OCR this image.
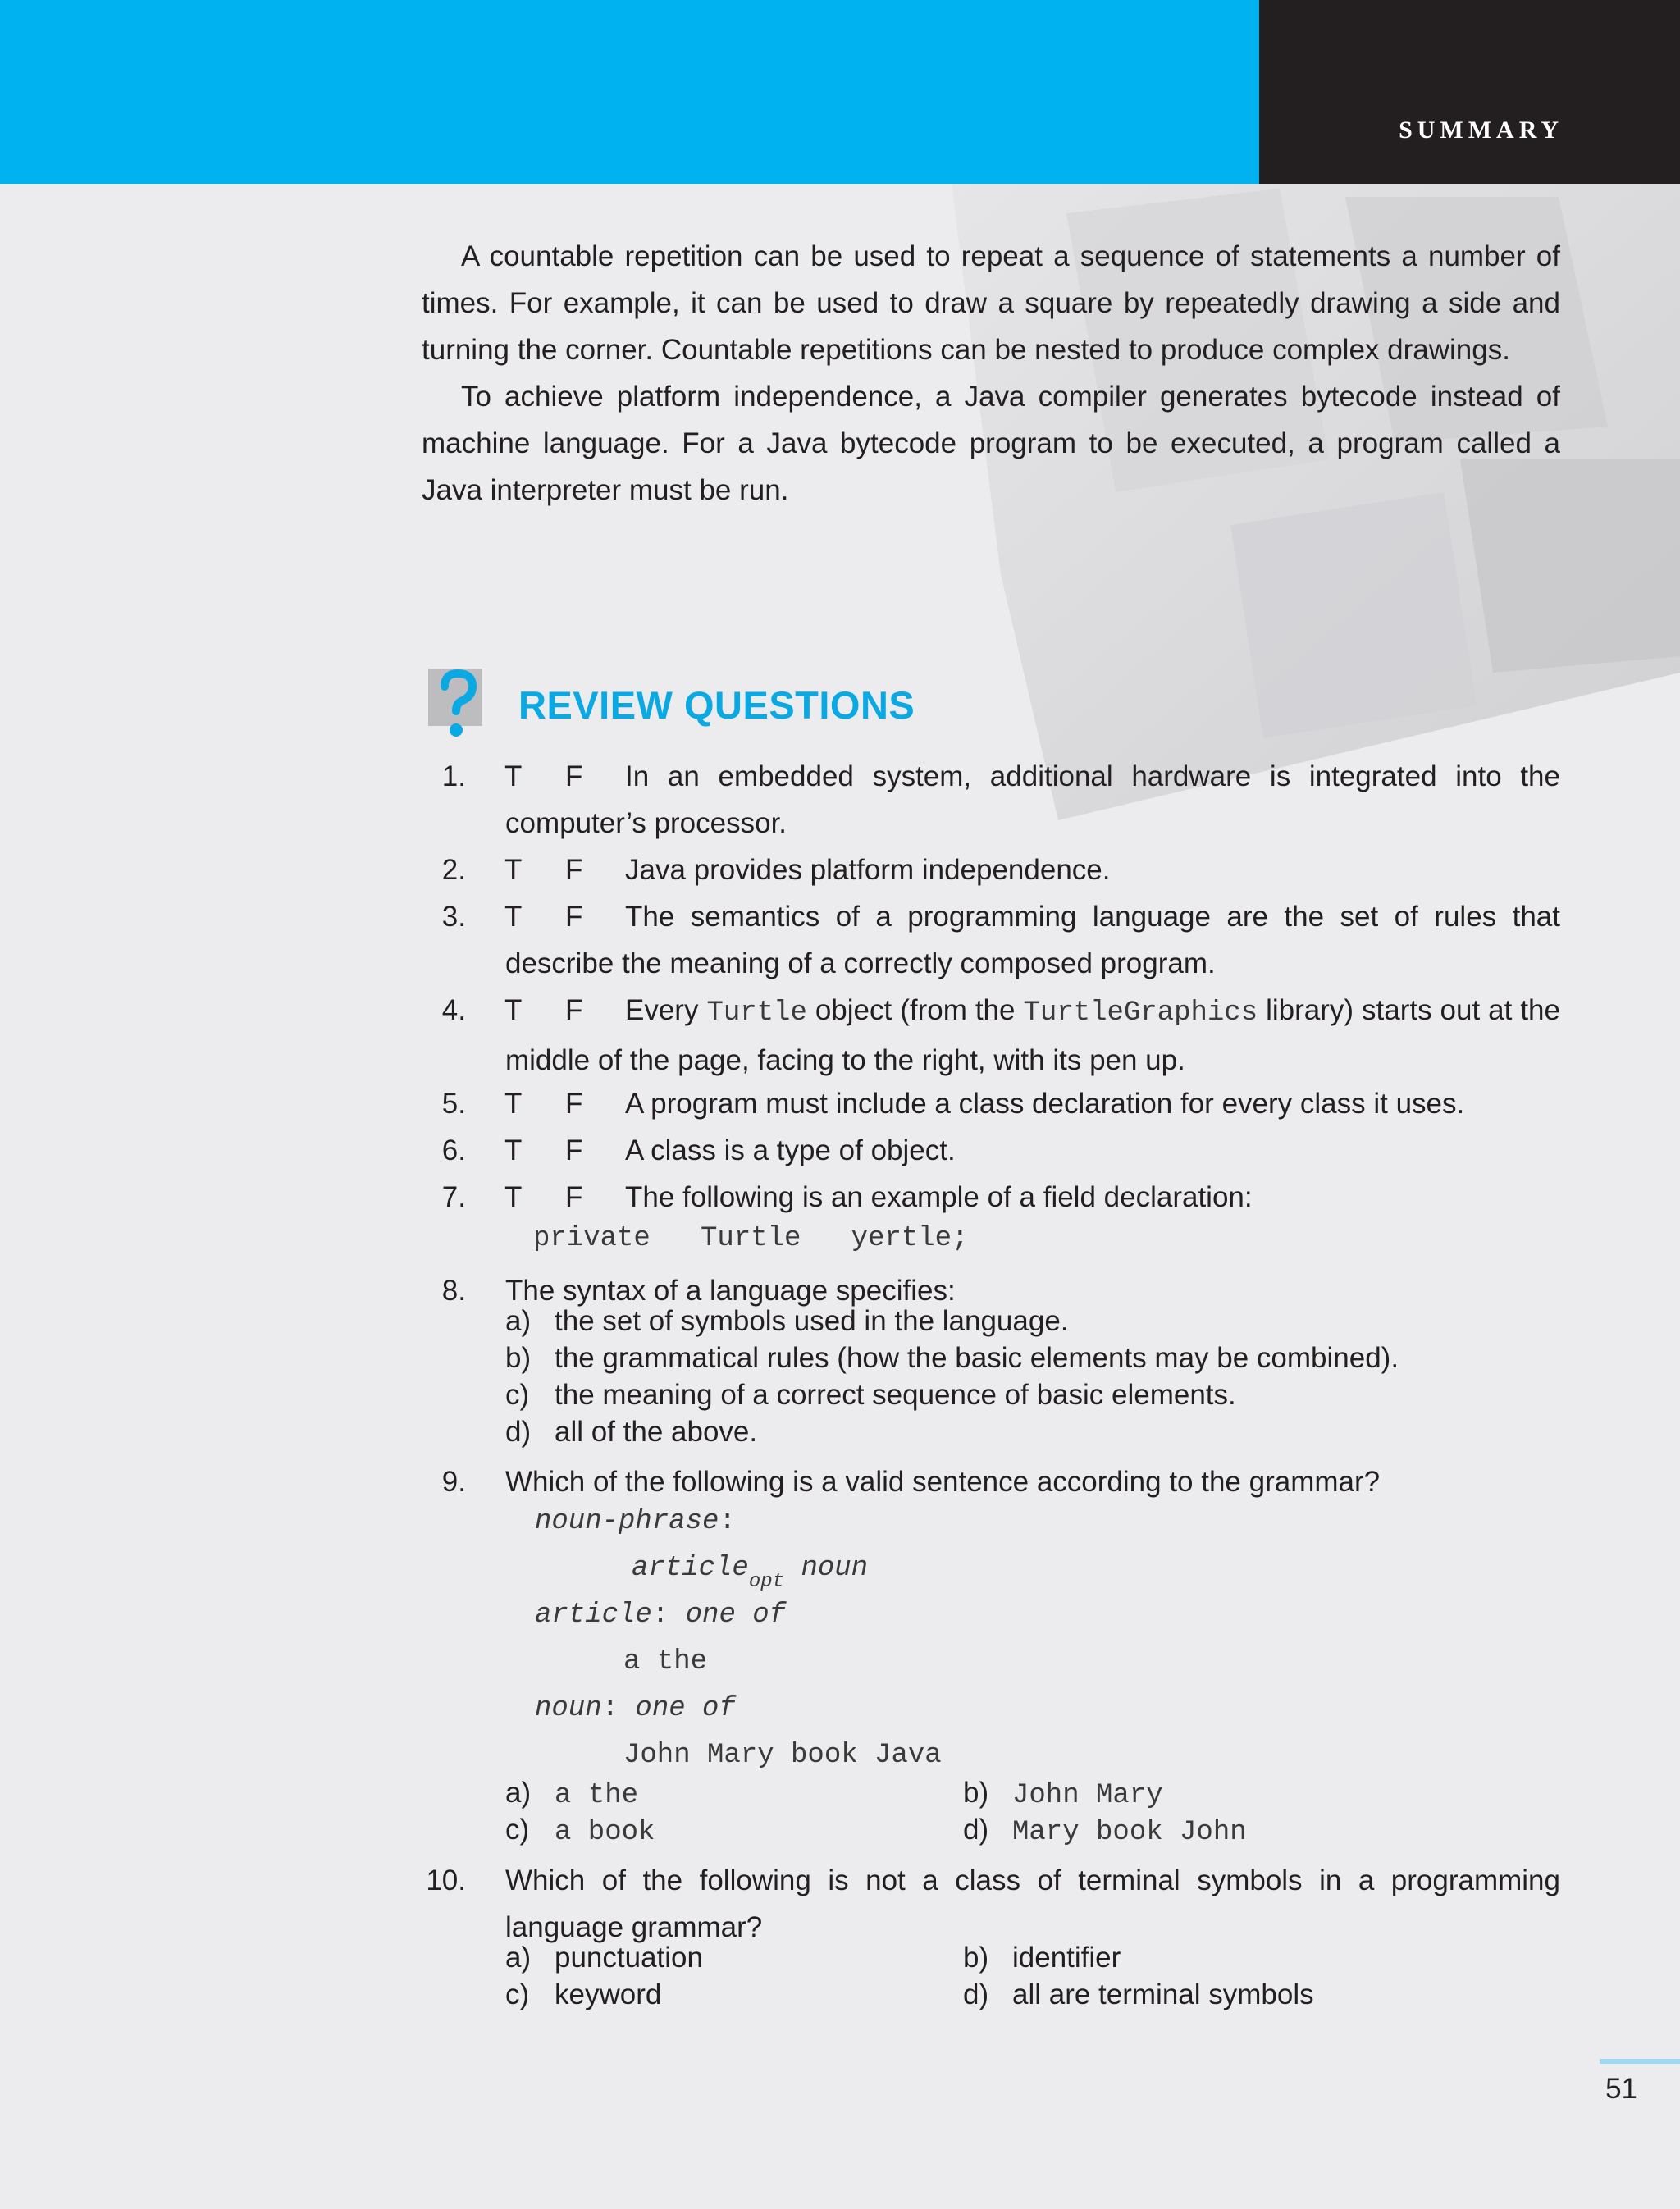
SUMMARY

A countable repetition can be used to repeat a sequence of statements a number of times. For example, it can be used to draw a square by repeatedly drawing a side and turning the corner. Countable repetitions can be nested to produce complex drawings.

To achieve platform independence, a Java compiler generates bytecode instead of machine language. For a Java bytecode program to be executed, a program called a Java interpreter must be run.

REVIEW QUESTIONS
1. T F	In an embedded system, additional hardware is integrated into the computer’s processor.
2. T F	Java provides platform independence.
3. T F	The semantics of a programming language are the set of rules that describe the meaning of a correctly composed program.
4. T F	Every Turtle object (from the TurtleGraphics library) starts out at the middle of the page, facing to the right, with its pen up.
5. T F	A program must include a class declaration for every class it uses.
6. T F	A class is a type of object.
7. T F	The following is an example of a field declaration:
private   Turtle   yertle;
8. The syntax of a language specifies:
a) the set of symbols used in the language.
b) the grammatical rules (how the basic elements may be combined).
c) the meaning of a correct sequence of basic elements.
d) all of the above.
9. Which of the following is a valid sentence according to the grammar?
noun-phrase:
article$_{opt}$ noun
article: one of
a the
noun: one of
John Mary book Java
a) a the	b) John Mary
c) a book	d) Mary book John
10. Which of the following is not a class of terminal symbols in a programming language grammar?
a) punctuation	b) identifier
c) keyword	d) all are terminal symbols
51
